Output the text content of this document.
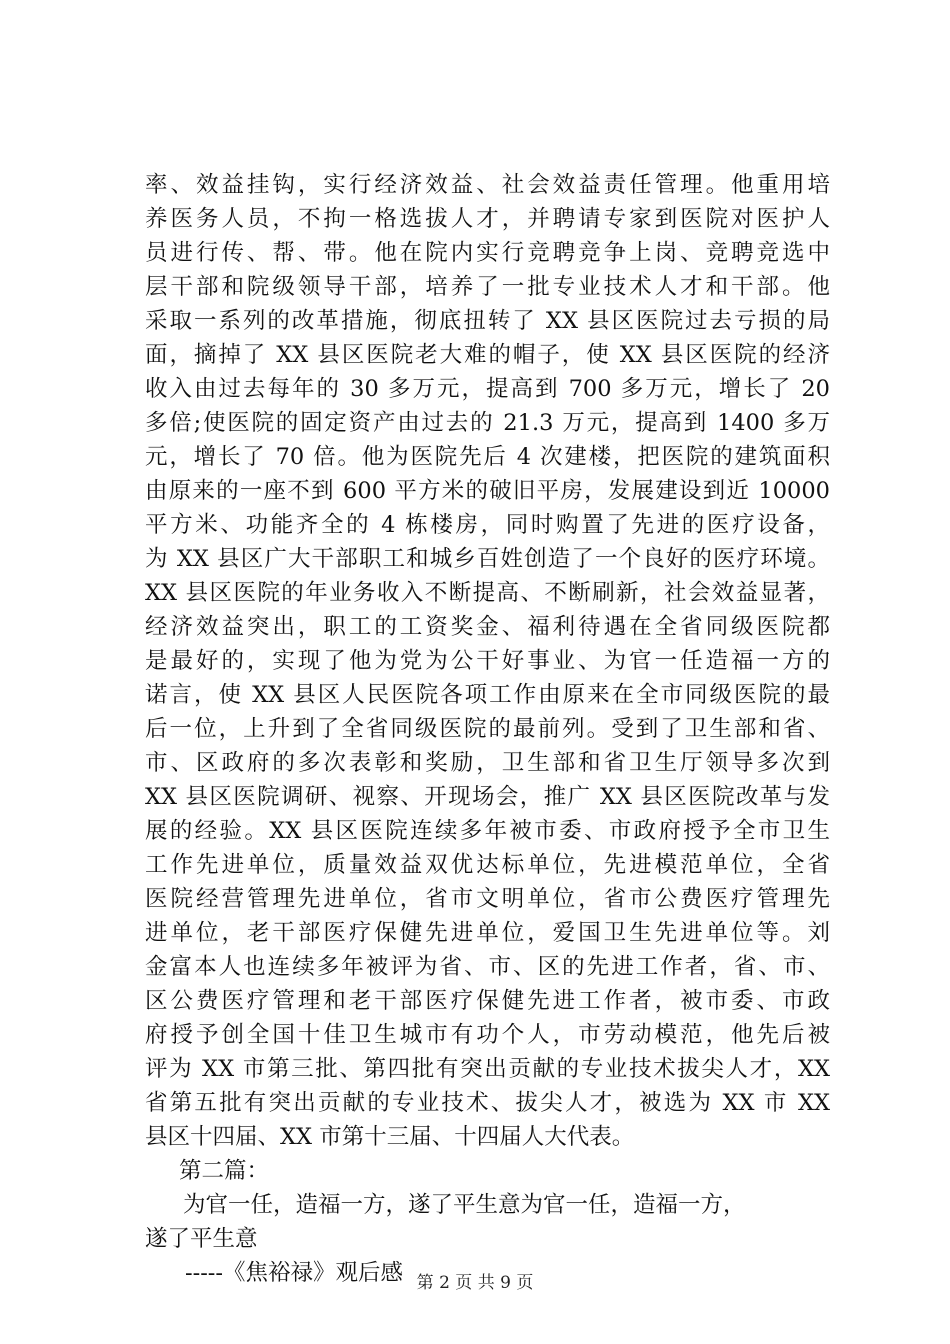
率、效益挂钩，实行经济效益、社会效益责任管理。他重用培
养医务人员，不拘一格选拔人才，并聘请专家到医院对医护人
员进行传、帮、带。他在院内实行竞聘竞争上岗、竞聘竞选中
层干部和院级领导干部，培养了一批专业技术人才和干部。他
采取一系列的改革措施，彻底扭转了 XX 县区医院过去亏损的局
面，摘掉了 XX 县区医院老大难的帽子，使 XX 县区医院的经济
收入由过去每年的 30 多万元，提高到 700 多万元，增长了 20
多倍;使医院的固定资产由过去的 21.3 万元，提高到 1400 多万
元，增长了 70 倍。他为医院先后 4 次建楼，把医院的建筑面积
由原来的一座不到 600 平方米的破旧平房，发展建设到近 10000
平方米、功能齐全的 4 栋楼房，同时购置了先进的医疗设备，
为 XX 县区广大干部职工和城乡百姓创造了一个良好的医疗环境。
XX 县区医院的年业务收入不断提高、不断刷新，社会效益显著，
经济效益突出，职工的工资奖金、福利待遇在全省同级医院都
是最好的，实现了他为党为公干好事业、为官一任造福一方的
诺言，使 XX 县区人民医院各项工作由原来在全市同级医院的最
后一位，上升到了全省同级医院的最前列。受到了卫生部和省、
市、区政府的多次表彰和奖励，卫生部和省卫生厅领导多次到
XX 县区医院调研、视察、开现场会，推广 XX 县区医院改革与发
展的经验。XX 县区医院连续多年被市委、市政府授予全市卫生
工作先进单位，质量效益双优达标单位，先进模范单位，全省
医院经营管理先进单位，省市文明单位，省市公费医疗管理先
进单位，老干部医疗保健先进单位，爱国卫生先进单位等。刘
金富本人也连续多年被评为省、市、区的先进工作者，省、市、
区公费医疗管理和老干部医疗保健先进工作者，被市委、市政
府授予创全国十佳卫生城市有功个人，市劳动模范，他先后被
评为 XX 市第三批、第四批有突出贡献的专业技术拔尖人才，XX
省第五批有突出贡献的专业技术、拔尖人才，被选为 XX 市 XX
县区十四届、XX 市第十三届、十四届人大代表。
第二篇：
为官一任，造福一方，遂了平生意为官一任，造福一方，
遂了平生意
-----《焦裕禄》观后感 第 2 页 共 9 页
